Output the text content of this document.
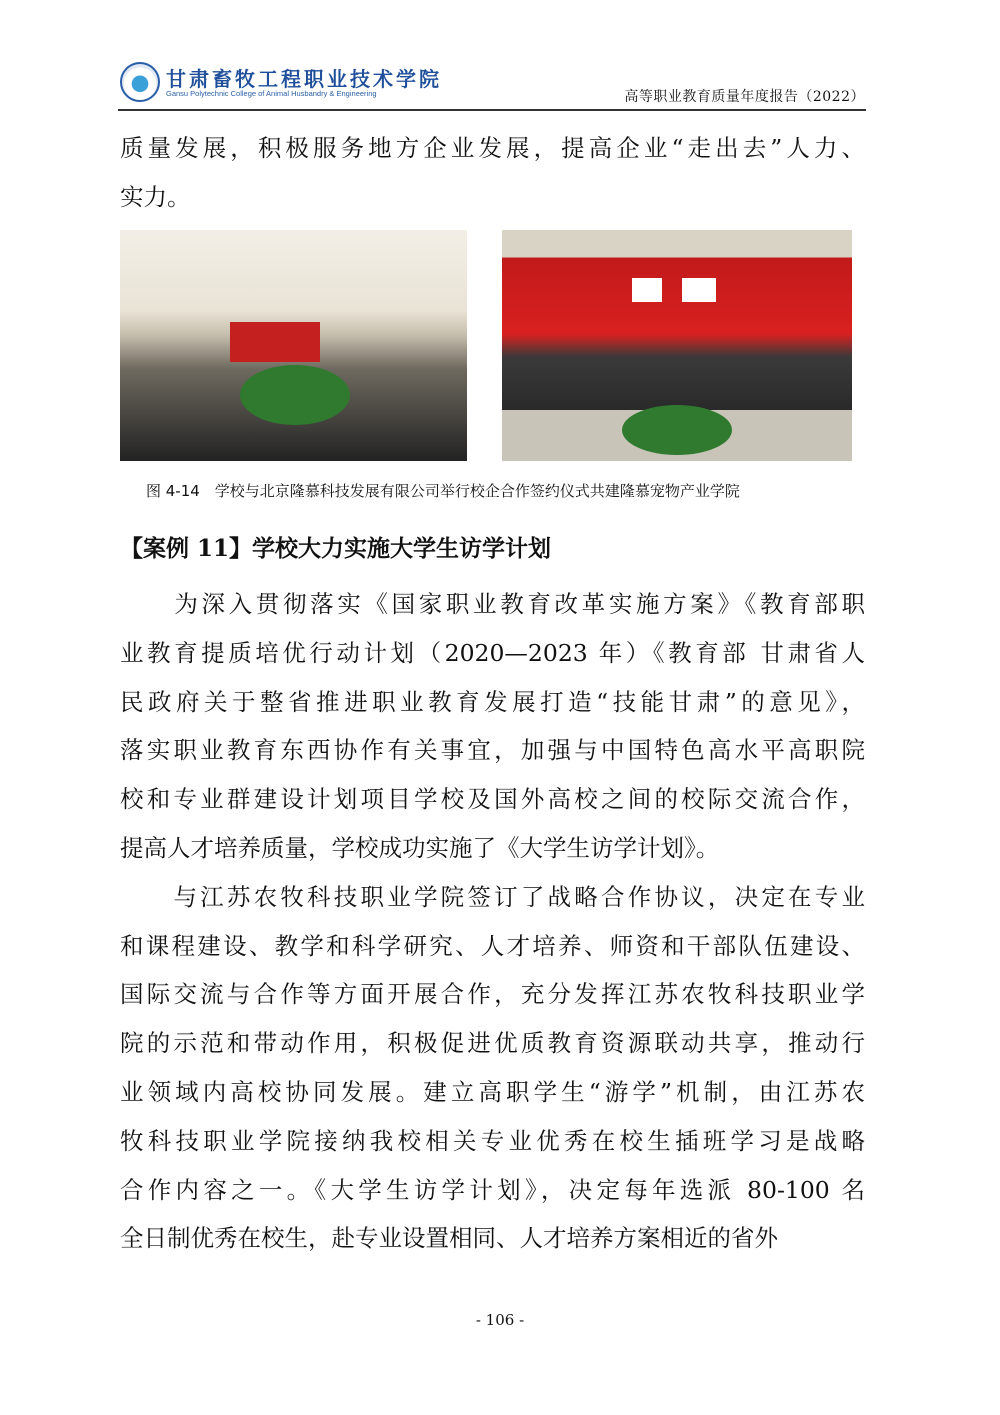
甘肃畜牧工程职业技术学院
Gansu Polytechnic College of Animal Husbandry & Engineering	高等职业教育质量年度报告（2022）
质量发展，积极服务地方企业发展，提高企业“走出去”人力、
实力。
图 4-14　学校与北京隆慕科技发展有限公司举行校企合作签约仪式共建隆慕宠物产业学院
【案例 11】学校大力实施大学生访学计划
　　为深入贯彻落实《国家职业教育改革实施方案》《教育部职
业教育提质培优行动计划（2020—2023 年）《教育部 甘肃省人
民政府关于整省推进职业教育发展打造“技能甘肃”的意见》，
落实职业教育东西协作有关事宜，加强与中国特色高水平高职院
校和专业群建设计划项目学校及国外高校之间的校际交流合作，
提高人才培养质量，学校成功实施了《大学生访学计划》。
　　与江苏农牧科技职业学院签订了战略合作协议，决定在专业
和课程建设、教学和科学研究、人才培养、师资和干部队伍建设、
国际交流与合作等方面开展合作，充分发挥江苏农牧科技职业学
院的示范和带动作用，积极促进优质教育资源联动共享，推动行
业领域内高校协同发展。建立高职学生“游学”机制，由江苏农
牧科技职业学院接纳我校相关专业优秀在校生插班学习是战略
合作内容之一。《大学生访学计划》，决定每年选派 80-100 名
全日制优秀在校生，赴专业设置相同、人才培养方案相近的省外
- 106 -
